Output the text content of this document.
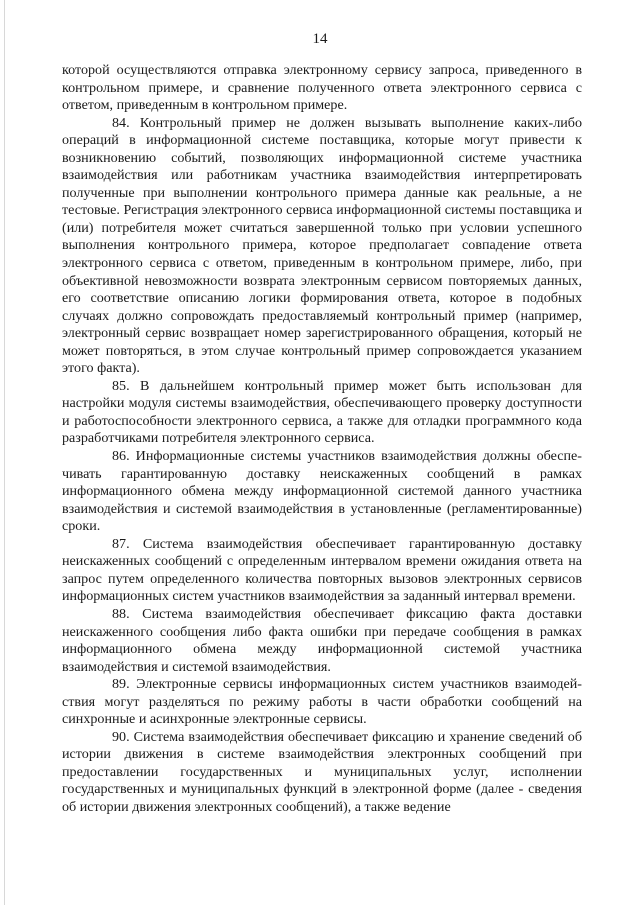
14

которой осуществляются отправка электронному сервису запроса, приведенного в контрольном примере, и сравнение полученного ответа электронного сервиса с ответом, приведенным в контрольном примере.

84. Контрольный пример не должен вызывать выполнение каких-либо операций в информационной системе поставщика, которые могут привести к возникновению событий, позволяющих информационной системе участника взаимодействия или работникам участника взаимодействия интерпретировать полученные при выполнении контрольного примера данные как реальные, а не тестовые. Регистрация электронного сервиса информационной системы поставщика и (или) потребителя может считаться завершенной только при условии успешного выполнения контрольного примера, которое предполагает совпадение ответа электронного сервиса с ответом, приведенным в контрольном примере, либо, при объективной невозможности возврата электронным сервисом повторяемых данных, его соответствие описанию логики формирования ответа, которое в подобных случаях должно сопровождать предоставляемый контрольный пример (например, электронный сервис возвращает номер зарегистрированного обращения, который не может повторяться, в этом случае контрольный пример сопровождается указанием этого факта).

85. В дальнейшем контрольный пример может быть использован для настройки модуля системы взаимодействия, обеспечивающего проверку доступности и работоспособности электронного сервиса, а также для отладки программного кода разработчиками потребителя электронного сервиса.

86. Информационные системы участников взаимодействия должны обеспечивать гарантированную доставку неискаженных сообщений в рамках информационного обмена между информационной системой данного участника взаимодействия и системой взаимодействия в установленные (регламентированные) сроки.

87. Система взаимодействия обеспечивает гарантированную доставку неискаженных сообщений с определенным интервалом времени ожидания ответа на запрос путем определенного количества повторных вызовов электронных сервисов информационных систем участников взаимодействия за заданный интервал времени.

88. Система взаимодействия обеспечивает фиксацию факта доставки неискаженного сообщения либо факта ошибки при передаче сообщения в рамках информационного обмена между информационной системой участника взаимодействия и системой взаимодействия.

89. Электронные сервисы информационных систем участников взаимодействия могут разделяться по режиму работы в части обработки сообщений на синхронные и асинхронные электронные сервисы.

90. Система взаимодействия обеспечивает фиксацию и хранение сведений об истории движения в системе взаимодействия электронных сообщений при предоставлении государственных и муниципальных услуг, исполнении государственных и муниципальных функций в электронной форме (далее - сведения об истории движения электронных сообщений), а также ведение
